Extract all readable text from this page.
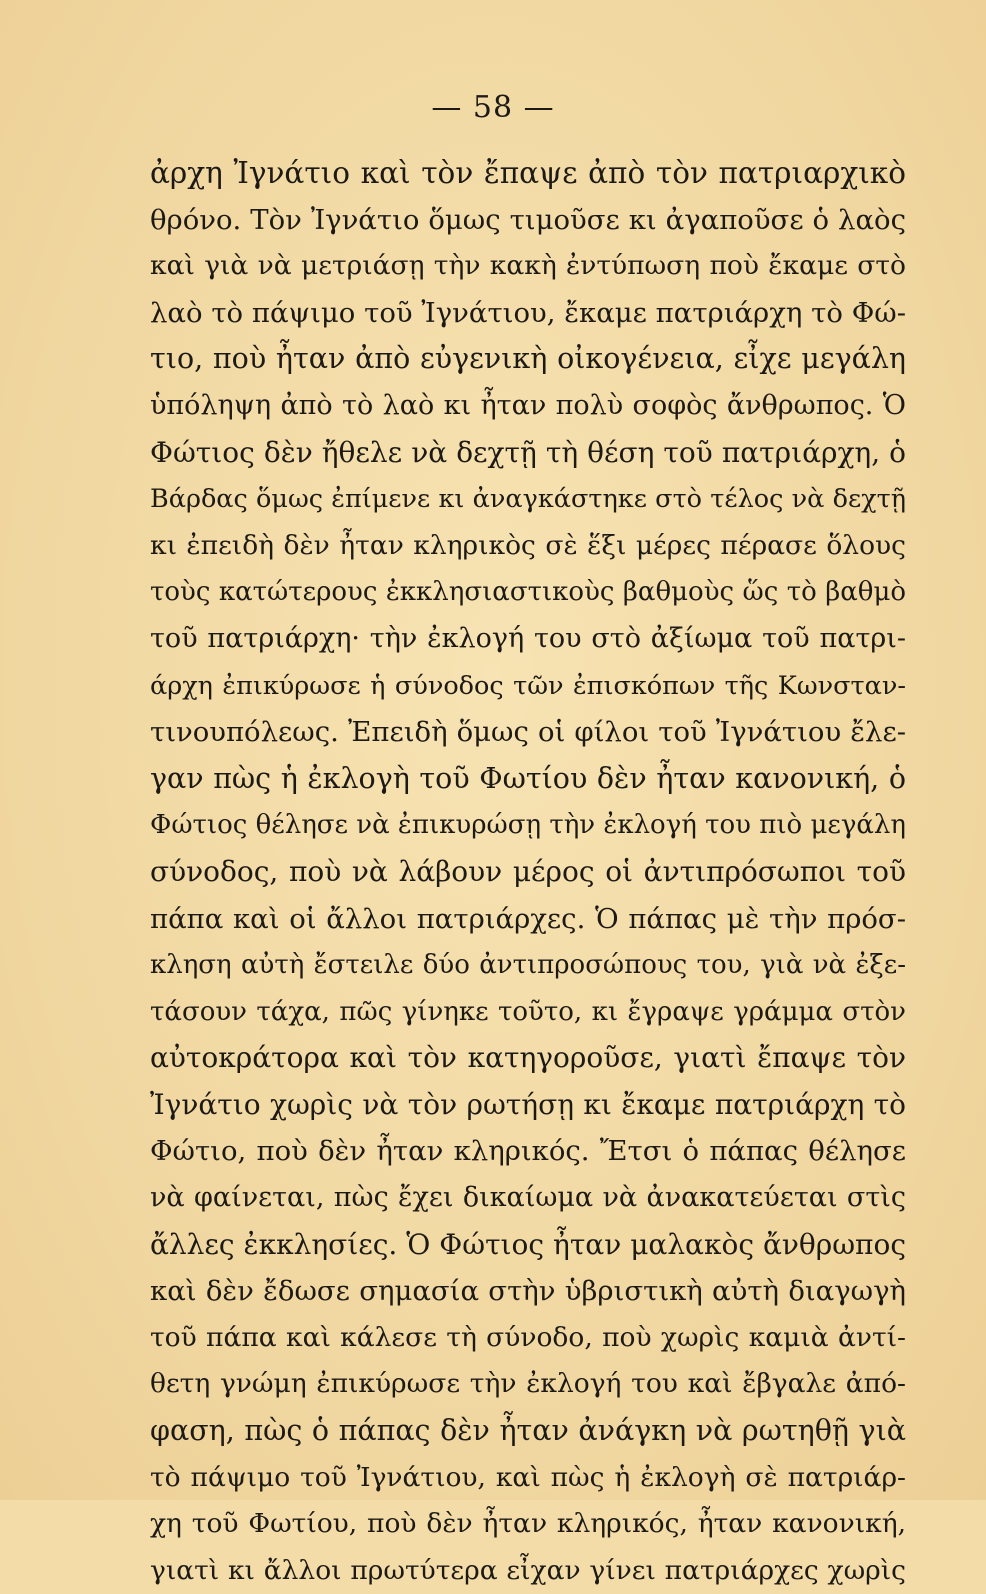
— 58 —
ἀρχη Ἰγνάτιο καὶ τὸν ἔπαψε ἀπὸ τὸν πατριαρχικὸ
θρόνο. Τὸν Ἰγνάτιο ὅμως τιμοῦσε κι ἀγαποῦσε ὁ λαὸς
καὶ γιὰ νὰ μετριάσῃ τὴν κακὴ ἐντύπωση ποὺ ἔκαμε στὸ
λαὸ τὸ πάψιμο τοῦ Ἰγνάτιου, ἔκαμε πατριάρχη τὸ Φώ-
τιο, ποὺ ἦταν ἀπὸ εὐγενικὴ οἰκογένεια, εἶχε μεγάλη
ὑπόληψη ἀπὸ τὸ λαὸ κι ἦταν πολὺ σοφὸς ἄνθρωπος. Ὁ
Φώτιος δὲν ἤθελε νὰ δεχτῇ τὴ θέση τοῦ πατριάρχη, ὁ
Βάρδας ὅμως ἐπίμενε κι ἀναγκάστηκε στὸ τέλος νὰ δεχτῇ
κι ἐπειδὴ δὲν ἦταν κληρικὸς σὲ ἕξι μέρες πέρασε ὅλους
τοὺς κατώτερους ἐκκλησιαστικοὺς βαθμοὺς ὥς τὸ βαθμὸ
τοῦ πατριάρχη· τὴν ἐκλογή του στὸ ἀξίωμα τοῦ πατρι-
άρχη ἐπικύρωσε ἡ σύνοδος τῶν ἐπισκόπων τῆς Κωνσταν-
τινουπόλεως. Ἐπειδὴ ὅμως οἱ φίλοι τοῦ Ἰγνάτιου ἔλε-
γαν πὼς ἡ ἐκλογὴ τοῦ Φωτίου δὲν ἦταν κανονική, ὁ
Φώτιος θέλησε νὰ ἐπικυρώσῃ τὴν ἐκλογή του πιὸ μεγάλη
σύνοδος, ποὺ νὰ λάβουν μέρος οἱ ἀντιπρόσωποι τοῦ
πάπα καὶ οἱ ἄλλοι πατριάρχες. Ὁ πάπας μὲ τὴν πρόσ-
κληση αὐτὴ ἔστειλε δύο ἀντιπροσώπους του, γιὰ νὰ ἐξε-
τάσουν τάχα, πῶς γίνηκε τοῦτο, κι ἔγραψε γράμμα στὸν
αὐτοκράτορα καὶ τὸν κατηγοροῦσε, γιατὶ ἔπαψε τὸν
Ἰγνάτιο χωρὶς νὰ τὸν ρωτήσῃ κι ἔκαμε πατριάρχη τὸ
Φώτιο, ποὺ δὲν ἦταν κληρικός. Ἔτσι ὁ πάπας θέλησε
νὰ φαίνεται, πὼς ἔχει δικαίωμα νὰ ἀνακατεύεται στὶς
ἄλλες ἐκκλησίες. Ὁ Φώτιος ἦταν μαλακὸς ἄνθρωπος
καὶ δὲν ἔδωσε σημασία στὴν ὑβριστικὴ αὐτὴ διαγωγὴ
τοῦ πάπα καὶ κάλεσε τὴ σύνοδο, ποὺ χωρὶς καμιὰ ἀντί-
θετη γνώμη ἐπικύρωσε τὴν ἐκλογή του καὶ ἔβγαλε ἀπό-
φαση, πὼς ὁ πάπας δὲν ἦταν ἀνάγκη νὰ ρωτηθῇ γιὰ
τὸ πάψιμο τοῦ Ἰγνάτιου, καὶ πὼς ἡ ἐκλογὴ σὲ πατριάρ-
χη τοῦ Φωτίου, ποὺ δὲν ἦταν κληρικός, ἦταν κανονική,
γιατὶ κι ἄλλοι πρωτύτερα εἶχαν γίνει πατριάρχες χωρὶς
